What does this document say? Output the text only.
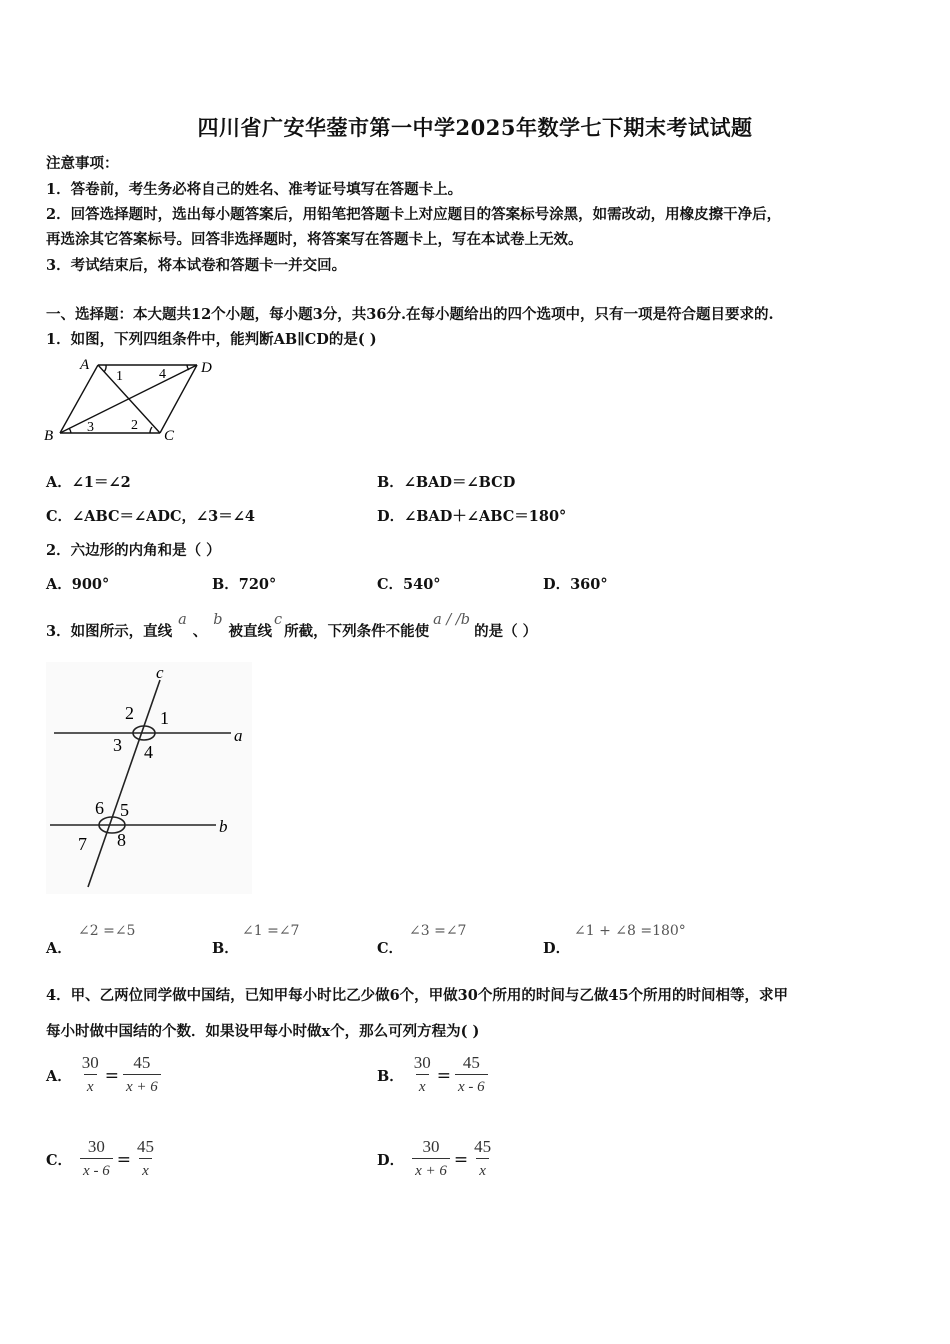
四川省广安华蓥市第一中学2025年数学七下期末考试试题
注意事项：
1．答卷前，考生务必将自己的姓名、准考证号填写在答题卡上。
2．回答选择题时，选出每小题答案后，用铅笔把答题卡上对应题目的答案标号涂黑，如需改动，用橡皮擦干净后，
再选涂其它答案标号。回答非选择题时，将答案写在答题卡上，写在本试卷上无效。
3．考试结束后，将本试卷和答题卡一并交回。
一、选择题：本大题共12个小题，每小题3分，共36分.在每小题给出的四个选项中，只有一项是符合题目要求的.
1．如图，下列四组条件中，能判断AB∥CD的是( )
A	D
B	C
1	4
3	2
A．∠1＝∠2	B．∠BAD＝∠BCD
C．∠ABC＝∠ADC，∠3＝∠4	D．∠BAD＋∠ABC＝180°
2．六边形的内角和是（ ）
A．900°	B．720°	C．540°	D．360°
3．如图所示，直线a、b被直线c所截，下列条件不能使a / /b的是（ ）
c
a
b
2 1
3 4
6 5
7 8
A．
∠2 =∠5
B．
∠1 =∠7
C．
∠3 =∠7
D．
∠1 + ∠8 =180°
4．甲、乙两位同学做中国结，已知甲每小时比乙少做6个，甲做30个所用的时间与乙做45个所用的时间相等，求甲
每小时做中国结的个数．如果设甲每小时做x个，那么可列方程为( )
A． $\frac{30}{x} = \frac{45}{x + 6}$	B． $\frac{30}{x} = \frac{45}{x - 6}$
C． $\frac{30}{x - 6} = \frac{45}{x}$	D． $\frac{30}{x + 6} = \frac{45}{x}$
